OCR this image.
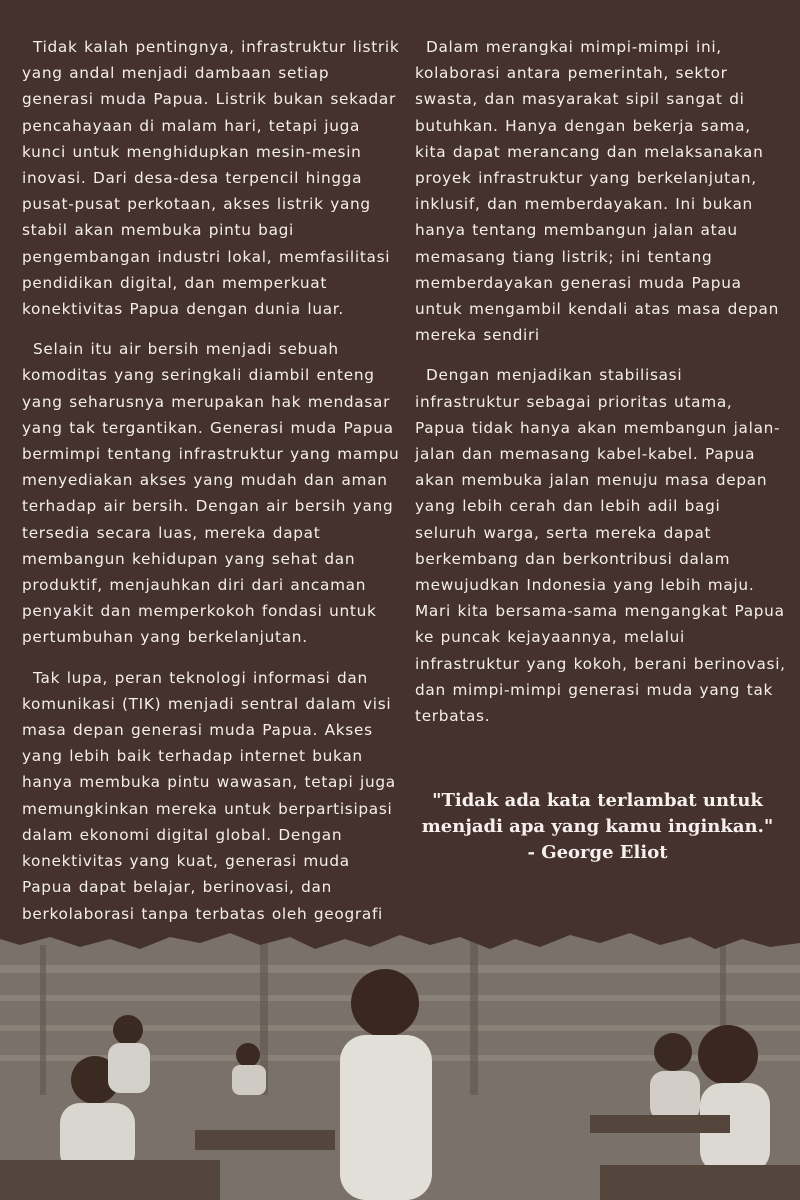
Tidak kalah pentingnya, infrastruktur listrik yang andal menjadi dambaan setiap generasi muda Papua. Listrik bukan sekadar pencahayaan di malam hari, tetapi juga kunci untuk menghidupkan mesin-mesin inovasi. Dari desa-desa terpencil hingga pusat-pusat perkotaan, akses listrik yang stabil akan membuka pintu bagi pengembangan industri lokal, memfasilitasi pendidikan digital, dan memperkuat konektivitas Papua dengan dunia luar.

Selain itu air bersih menjadi sebuah komoditas yang seringkali diambil enteng yang seharusnya merupakan hak mendasar yang tak tergantikan. Generasi muda Papua bermimpi tentang infrastruktur yang mampu menyediakan akses yang mudah dan aman terhadap air bersih. Dengan air bersih yang tersedia secara luas, mereka dapat membangun kehidupan yang sehat dan produktif, menjauhkan diri dari ancaman penyakit dan memperkokoh fondasi untuk pertumbuhan yang berkelanjutan.

Tak lupa, peran teknologi informasi dan komunikasi (TIK) menjadi sentral dalam visi masa depan generasi muda Papua. Akses yang lebih baik terhadap internet bukan hanya membuka pintu wawasan, tetapi juga memungkinkan mereka untuk berpartisipasi dalam ekonomi digital global. Dengan konektivitas yang kuat, generasi muda Papua dapat belajar, berinovasi, dan berkolaborasi tanpa terbatas oleh geografi

Dalam merangkai mimpi-mimpi ini, kolaborasi antara pemerintah, sektor swasta, dan masyarakat sipil sangat di butuhkan. Hanya dengan bekerja sama, kita dapat merancang dan melaksanakan proyek infrastruktur yang berkelanjutan, inklusif, dan memberdayakan. Ini bukan hanya tentang membangun jalan atau memasang tiang listrik; ini tentang memberdayakan generasi muda Papua untuk mengambil kendali atas masa depan mereka sendiri

Dengan menjadikan stabilisasi infrastruktur sebagai prioritas utama, Papua tidak hanya akan membangun jalan-jalan dan memasang kabel-kabel. Papua akan membuka jalan menuju masa depan yang lebih cerah dan lebih adil bagi seluruh warga, serta mereka dapat berkembang dan berkontribusi dalam mewujudkan Indonesia yang lebih maju. Mari kita bersama-sama mengangkat Papua ke puncak kejayaannya, melalui infrastruktur yang kokoh, berani berinovasi, dan mimpi-mimpi generasi muda yang tak terbatas.

"Tidak ada kata terlambat untuk
menjadi apa yang kamu inginkan."
- George Eliot
